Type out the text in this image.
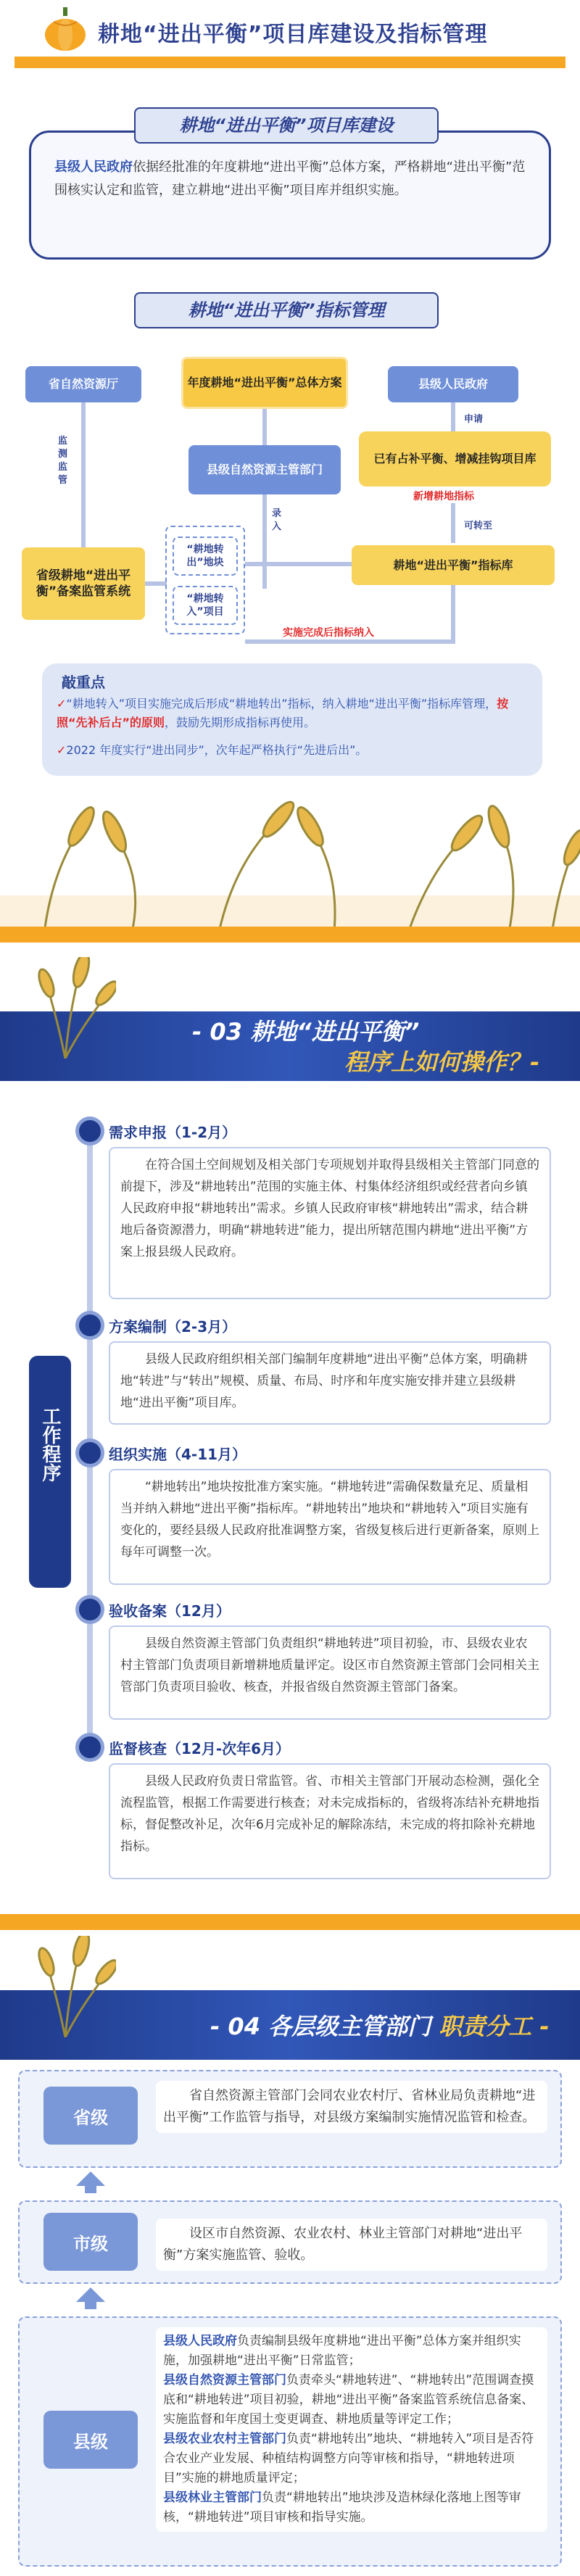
耕地“进出平衡”项目库建设及指标管理
耕地“进出平衡”项目库建设
县级人民政府依据经批准的年度耕地“进出平衡”总体方案，严格耕地“进出平衡”范围核实认定和监管，建立耕地“进出平衡”项目库并组织实施。
耕地“进出平衡”指标管理
省自然资源厅	年度耕地“进出平衡”总体方案	县级人民政府
监测监管
县级自然资源主管部门
申请
已有占补平衡、增减挂钩项目库
新增耕地指标
可转至
录入
省级耕地“进出平衡”备案监管系统
“耕地转出”地块
“耕地转入”项目
耕地“进出平衡”指标库
实施完成后指标纳入
敲重点
✓“耕地转入”项目实施完成后形成“耕地转出”指标，纳入耕地“进出平衡”指标库管理，按照“先补后占”的原则，鼓励先期形成指标再使用。
✓2022 年度实行“进出同步”，次年起严格执行“先进后出”。
- 03 耕地“进出平衡”
程序上如何操作？-
工作程序
需求申报（1-2月）
在符合国土空间规划及相关部门专项规划并取得县级相关主管部门同意的前提下，涉及“耕地转出”范围的实施主体、村集体经济组织或经营者向乡镇人民政府申报“耕地转出”需求。乡镇人民政府审核“耕地转出”需求，结合耕地后备资源潜力，明确“耕地转进”能力，提出所辖范围内耕地“进出平衡”方案上报县级人民政府。
方案编制（2-3月）
县级人民政府组织相关部门编制年度耕地“进出平衡”总体方案，明确耕地“转进”与“转出”规模、质量、布局、时序和年度实施安排并建立县级耕地“进出平衡”项目库。
组织实施（4-11月）
“耕地转出”地块按批准方案实施。“耕地转进”需确保数量充足、质量相当并纳入耕地“进出平衡”指标库。“耕地转出”地块和“耕地转入”项目实施有变化的，要经县级人民政府批准调整方案，省级复核后进行更新备案，原则上每年可调整一次。
验收备案（12月）
县级自然资源主管部门负责组织“耕地转进”项目初验，市、县级农业农村主管部门负责项目新增耕地质量评定。设区市自然资源主管部门会同相关主管部门负责项目验收、核查，并报省级自然资源主管部门备案。
监督核查（12月-次年6月）
县级人民政府负责日常监管。省、市相关主管部门开展动态检测，强化全流程监管，根据工作需要进行核查；对未完成指标的，省级将冻结补充耕地指标，督促整改补足，次年6月完成补足的解除冻结，未完成的将扣除补充耕地指标。
- 04 各层级主管部门 职责分工 -
省级
省自然资源主管部门会同农业农村厅、省林业局负责耕地“进出平衡”工作监管与指导，对县级方案编制实施情况监管和检查。
市级	设区市自然资源、农业农村、林业主管部门对耕地“进出平衡”方案实施监管、验收。
县级
县级人民政府负责编制县级年度耕地“进出平衡”总体方案并组织实施，加强耕地“进出平衡”日常监管；
县级自然资源主管部门负责牵头“耕地转进”、“耕地转出”范围调查摸底和“耕地转进”项目初验，耕地“进出平衡”备案监管系统信息备案、实施监督和年度国土变更调查、耕地质量等评定工作；
县级农业农村主管部门负责“耕地转出”地块、“耕地转入”项目是否符合农业产业发展、种植结构调整方向等审核和指导，“耕地转进项目”实施的耕地质量评定；
县级林业主管部门负责“耕地转出”地块涉及造林绿化落地上图等审核，“耕地转进”项目审核和指导实施。
